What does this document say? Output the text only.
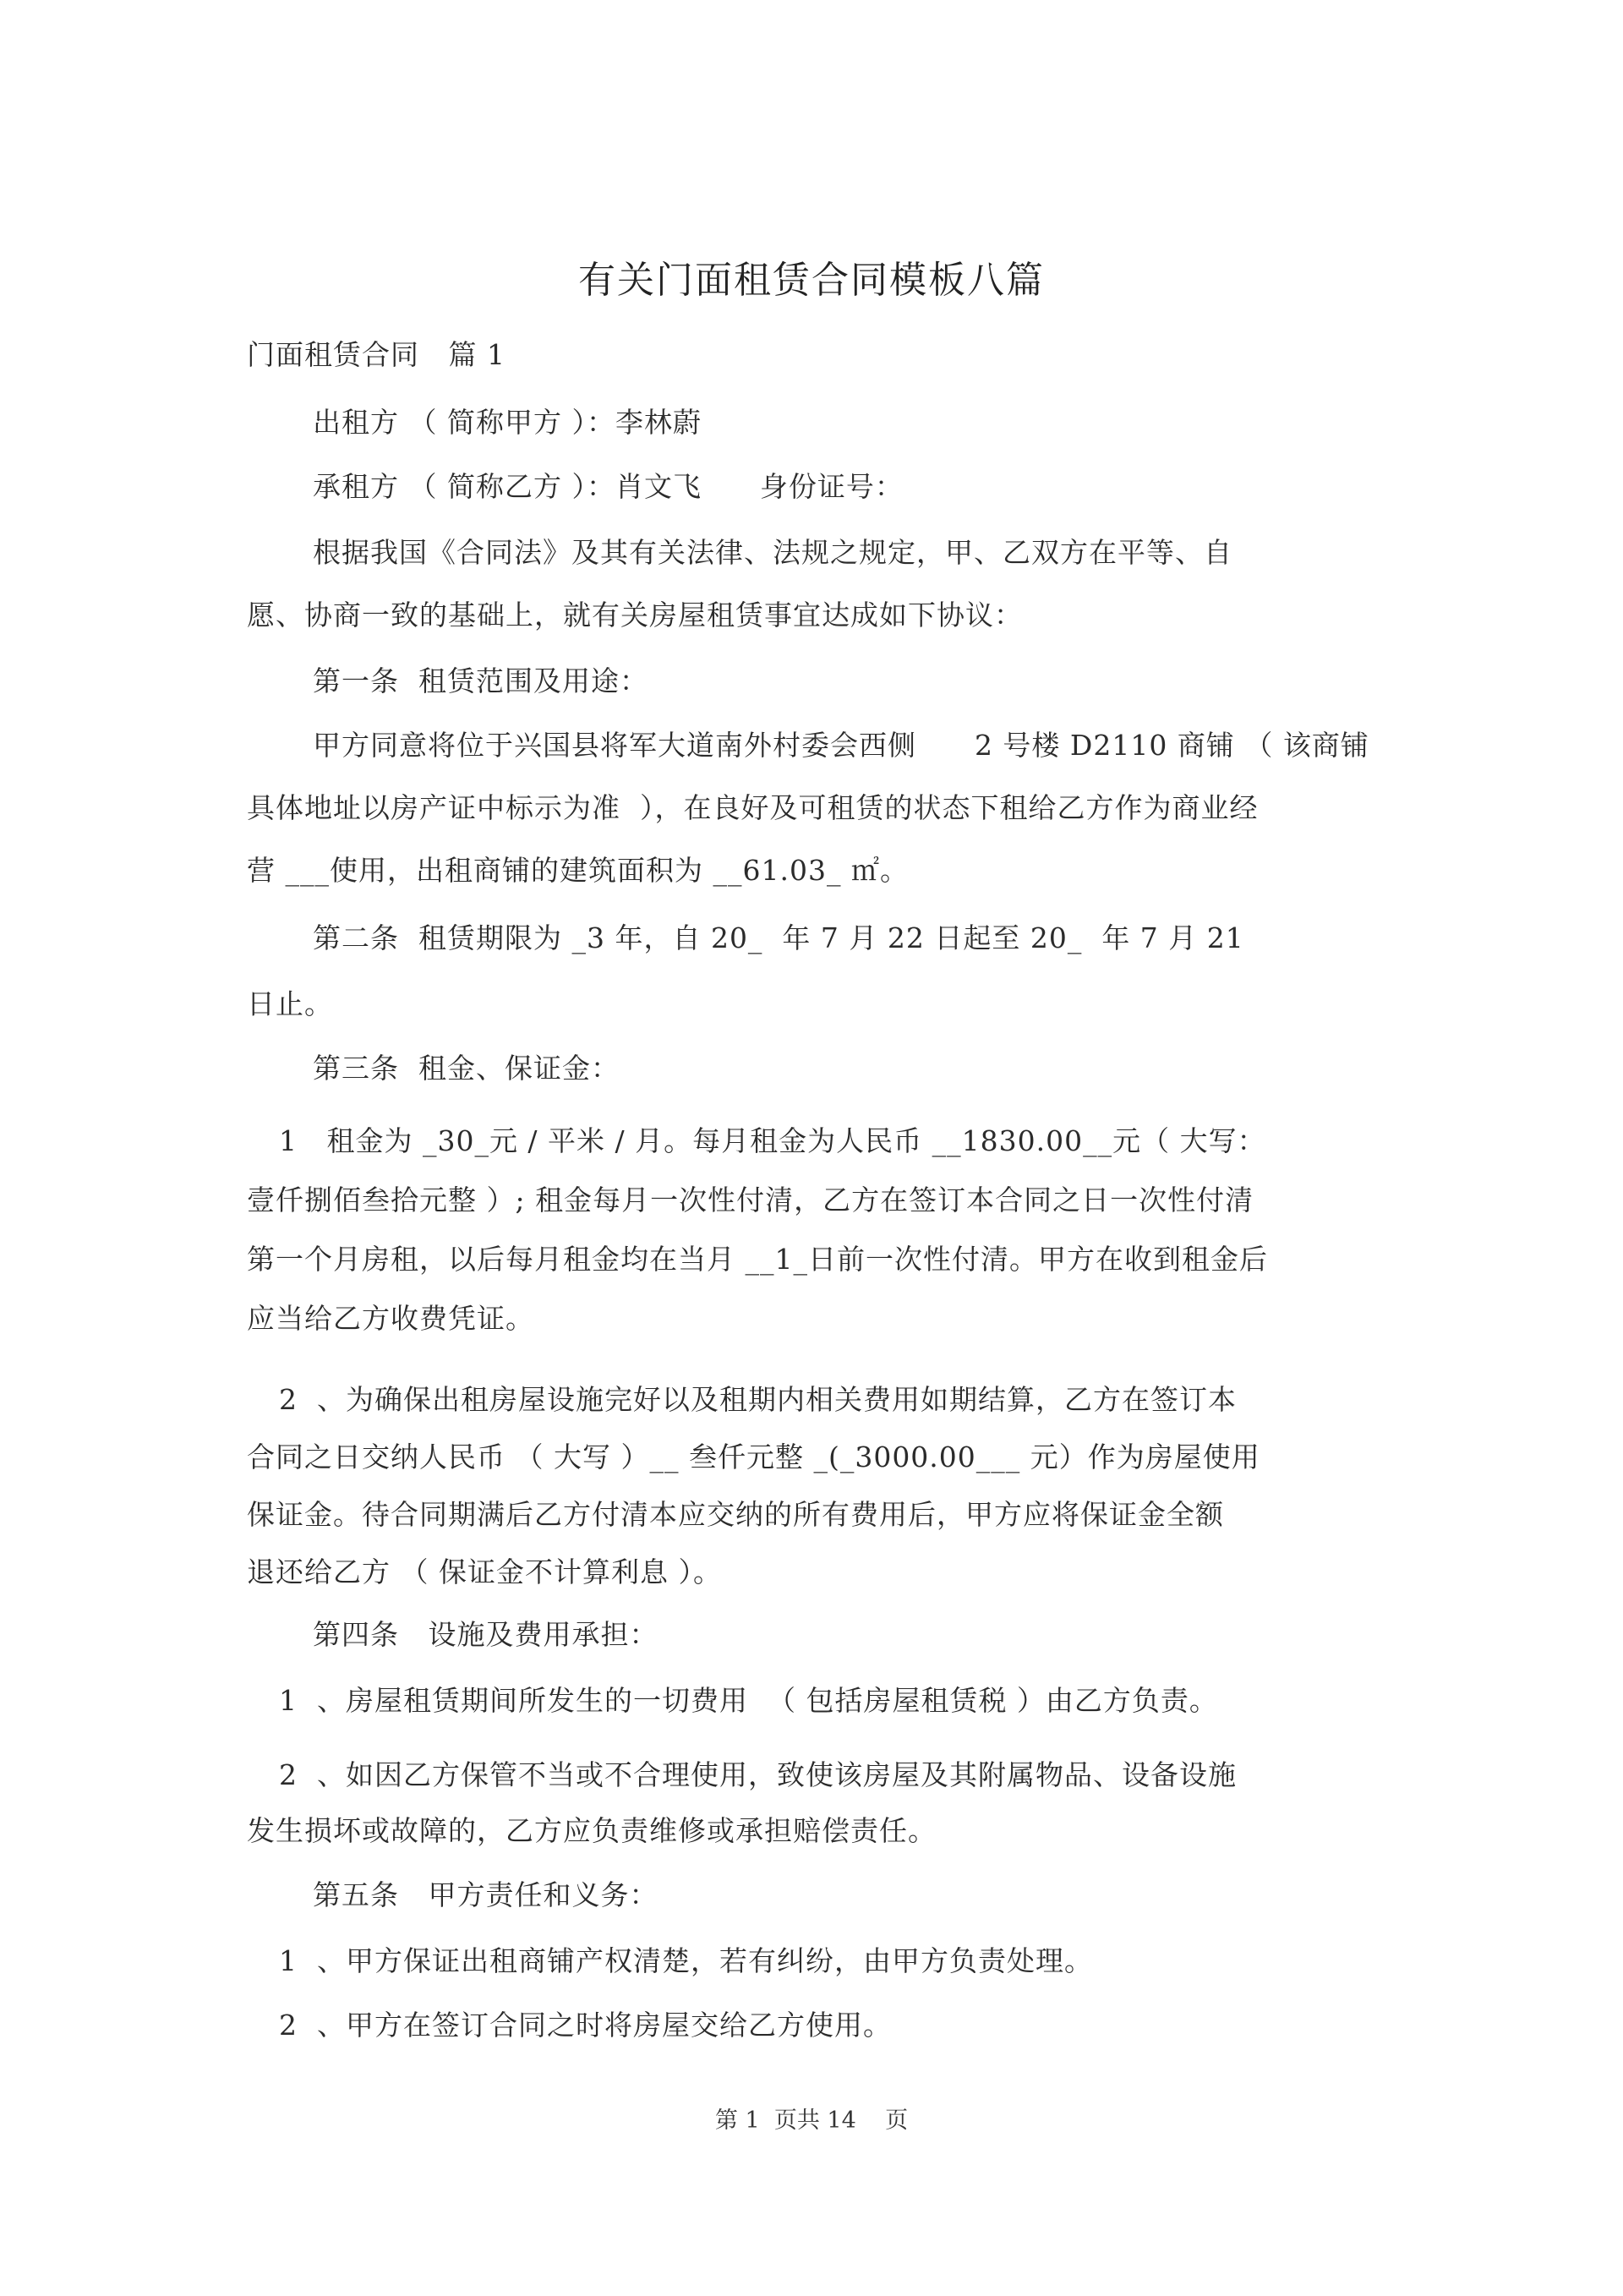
有关门面租赁合同模板八篇
门面租赁合同   篇 1
出租方 （ 简称甲方 ）：李林蔚
承租方 （ 简称乙方 ）：肖文飞      身份证号：
根据我国《合同法》及其有关法律、法规之规定，甲、乙双方在平等、自
愿、协商一致的基础上，就有关房屋租赁事宜达成如下协议：
第一条  租赁范围及用途：
甲方同意将位于兴国县将军大道南外村委会西侧      2 号楼 D2110 商铺 （ 该商铺
具体地址以房产证中标示为准  ），在良好及可租赁的状态下租给乙方作为商业经
营 ___使用，出租商铺的建筑面积为 __61.03_ ㎡。
第二条  租赁期限为 _3 年，自 20_  年 7 月 22 日起至 20_  年 7 月 21
日止。
第三条  租金、保证金：
1   租金为 _30_元 / 平米 / 月。每月租金为人民币 __1830.00__元（ 大写：
壹仟捌佰叁拾元整 ）; 租金每月一次性付清，乙方在签订本合同之日一次性付清
第一个月房租，以后每月租金均在当月 __1_日前一次性付清。甲方在收到租金后
应当给乙方收费凭证。
2  、为确保出租房屋设施完好以及租期内相关费用如期结算，乙方在签订本
合同之日交纳人民币 （ 大写 ）__ 叁仟元整 _(_3000.00___ 元）作为房屋使用
保证金。待合同期满后乙方付清本应交纳的所有费用后，甲方应将保证金全额
退还给乙方 （ 保证金不计算利息 ）。
第四条   设施及费用承担：
1  、房屋租赁期间所发生的一切费用  （ 包括房屋租赁税 ）由乙方负责。
2  、如因乙方保管不当或不合理使用，致使该房屋及其附属物品、设备设施
发生损坏或故障的，乙方应负责维修或承担赔偿责任。
第五条   甲方责任和义务：
1  、甲方保证出租商铺产权清楚，若有纠纷，由甲方负责处理。
2  、甲方在签订合同之时将房屋交给乙方使用。
第 1  页共 14    页
